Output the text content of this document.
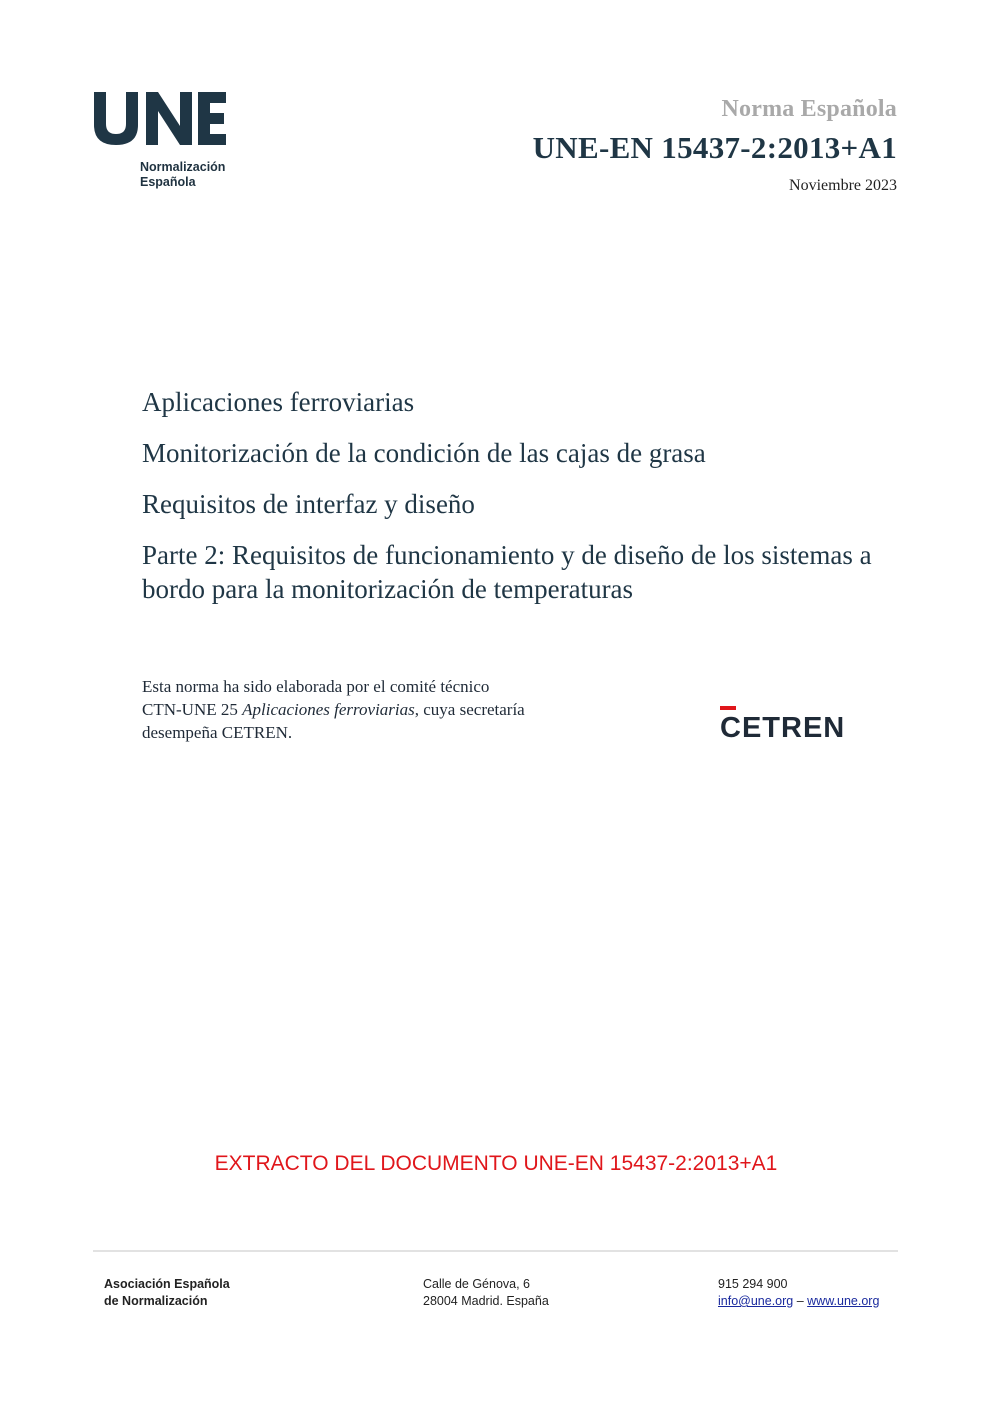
Normalización
Española
Norma Española
UNE-EN 15437-2:2013+A1
Noviembre 2023

Aplicaciones ferroviarias

Monitorización de la condición de las cajas de grasa

Requisitos de interfaz y diseño

Parte 2: Requisitos de funcionamiento y de diseño de los sistemas a bordo para la monitorización de temperaturas

Esta norma ha sido elaborada por el comité técnico
CTN-UNE 25 Aplicaciones ferroviarias, cuya secretaría
desempeña CETREN.	CETREN
EXTRACTO DEL DOCUMENTO UNE-EN 15437-2:2013+A1
Asociación Española
de Normalización
Calle de Génova, 6
28004 Madrid. España
915 294 900
info@une.org – www.une.org
